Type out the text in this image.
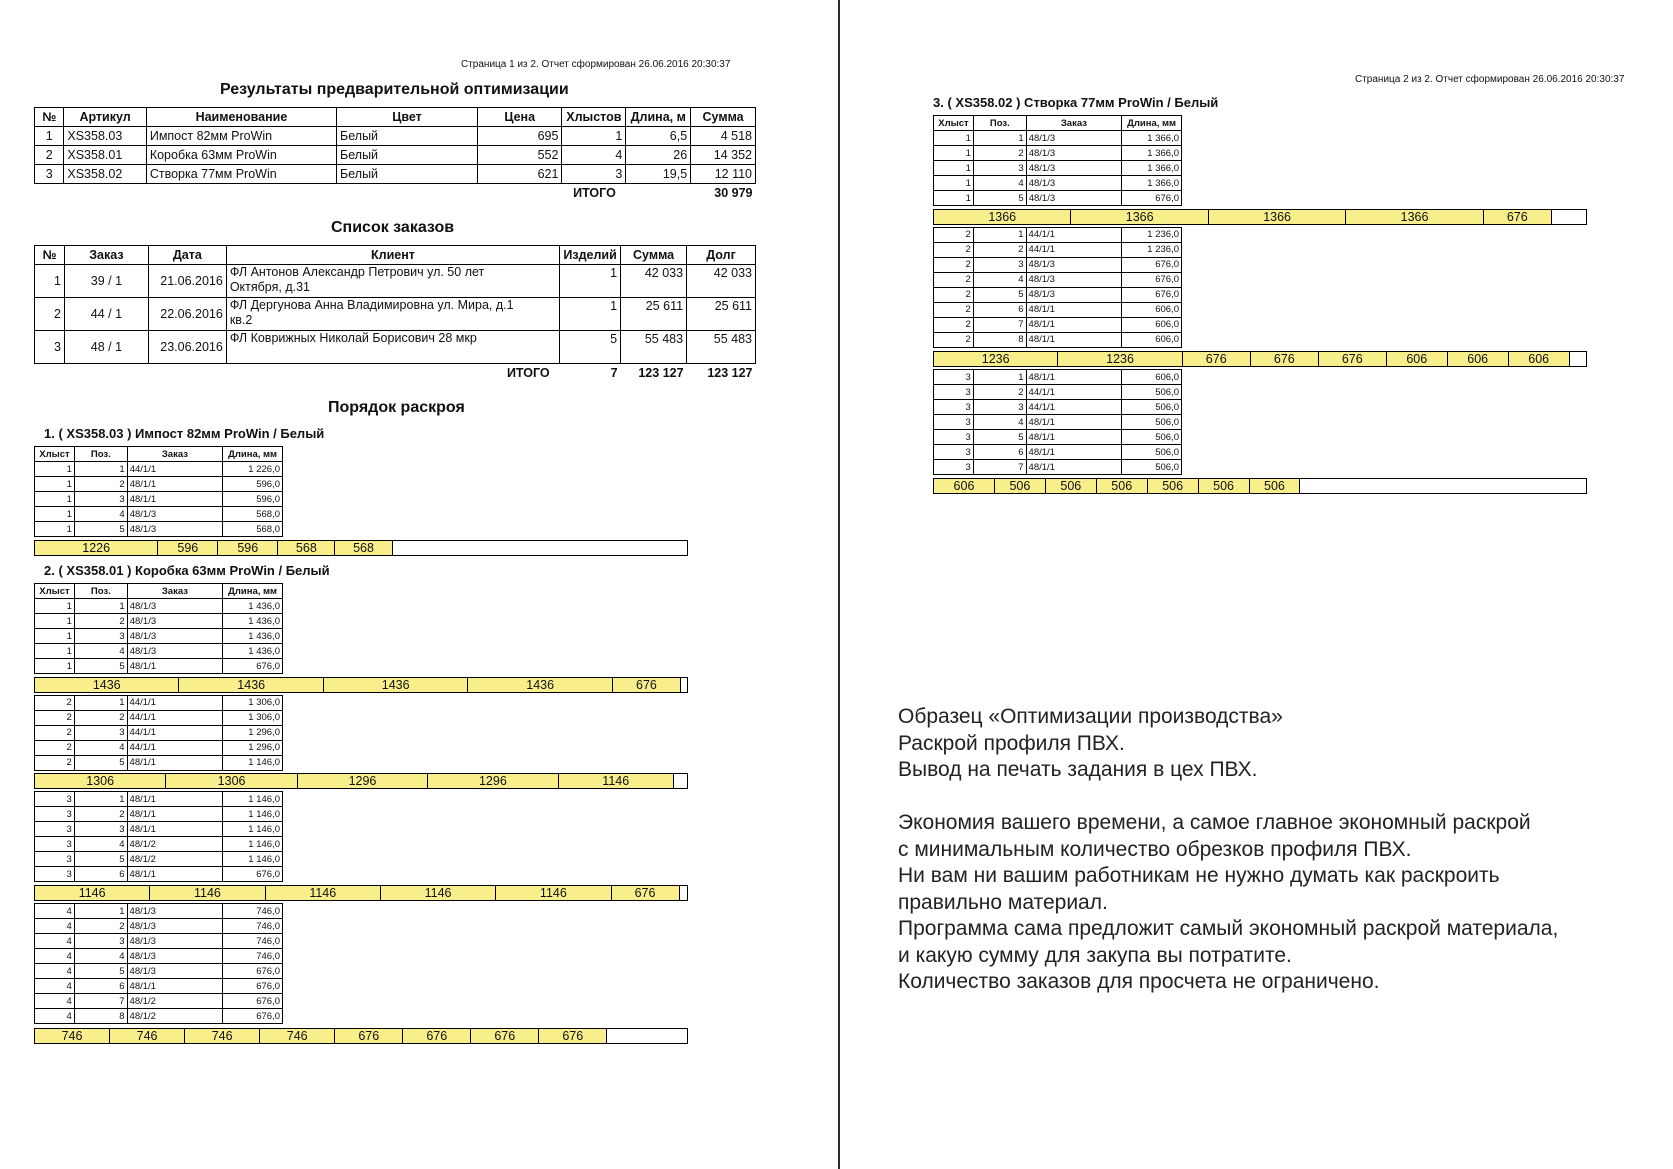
Страница 1 из 2. Отчет сформирован 26.06.2016 20:30:37
Результаты предварительной оптимизации
№	Артикул	Наименование	Цвет	Цена	Хлыстов	Длина, м	Сумма
1	XS358.03	Импост 82мм ProWin	Белый	695	1	6,5	4 518
2	XS358.01	Коробка 63мм ProWin	Белый	552	4	26	14 352
3	XS358.02	Створка 77мм ProWin	Белый	621	3	19,5	12 110
ИТОГО							30 979
Список заказов
№	Заказ	Дата	Клиент	Изделий	Сумма	Долг
1	39 / 1	21.06.2016	ФЛ Антонов Александр Петрович ул. 50 лет
Октября, д.31	1	42 033	42 033
2	44 / 1	22.06.2016	ФЛ Дергунова Анна Владимировна ул. Мира, д.1
кв.2	1	25 611	25 611
3	48 / 1	23.06.2016	ФЛ Коврижных Николай Борисович 28 мкр	5	55 483	55 483
ИТОГО				7	123 127	123 127
Порядок раскроя
1. ( XS358.03 ) Импост 82мм ProWin / Белый
Хлыст	Поз.	Заказ	Длина, мм
1	1	44/1/1	1 226,0
1	2	48/1/1	596,0
1	3	48/1/1	596,0
1	4	48/1/3	568,0
1	5	48/1/3	568,0
1226	596	596	568	568
2. ( XS358.01 ) Коробка 63мм ProWin / Белый
Хлыст	Поз.	Заказ	Длина, мм
1	1	48/1/3	1 436,0
1	2	48/1/3	1 436,0
1	3	48/1/3	1 436,0
1	4	48/1/3	1 436,0
1	5	48/1/1	676,0
1436	1436	1436	1436	676
2	1	44/1/1	1 306,0
2	2	44/1/1	1 306,0
2	3	44/1/1	1 296,0
2	4	44/1/1	1 296,0
2	5	48/1/1	1 146,0
1306	1306	1296	1296	1146
3	1	48/1/1	1 146,0
3	2	48/1/1	1 146,0
3	3	48/1/1	1 146,0
3	4	48/1/2	1 146,0
3	5	48/1/2	1 146,0
3	6	48/1/1	676,0
1146	1146	1146	1146	1146	676
4	1	48/1/3	746,0
4	2	48/1/3	746,0
4	3	48/1/3	746,0
4	4	48/1/3	746,0
4	5	48/1/3	676,0
4	6	48/1/1	676,0
4	7	48/1/2	676,0
4	8	48/1/2	676,0
746	746	746	746	676	676	676	676
Страница 2 из 2. Отчет сформирован 26.06.2016 20:30:37
3. ( XS358.02 ) Створка 77мм ProWin / Белый
Хлыст	Поз.	Заказ	Длина, мм
1	1	48/1/3	1 366,0
1	2	48/1/3	1 366,0
1	3	48/1/3	1 366,0
1	4	48/1/3	1 366,0
1	5	48/1/3	676,0
1366	1366	1366	1366	676
2	1	44/1/1	1 236,0
2	2	44/1/1	1 236,0
2	3	48/1/3	676,0
2	4	48/1/3	676,0
2	5	48/1/3	676,0
2	6	48/1/1	606,0
2	7	48/1/1	606,0
2	8	48/1/1	606,0
1236	1236	676	676	676	606	606	606
3	1	48/1/1	606,0
3	2	44/1/1	506,0
3	3	44/1/1	506,0
3	4	48/1/1	506,0
3	5	48/1/1	506,0
3	6	48/1/1	506,0
3	7	48/1/1	506,0
606	506	506	506	506	506	506
Образец «Оптимизации производства»
Раскрой профиля ПВХ.
Вывод на печать задания в цех ПВХ.
Экономия вашего времени, а самое главное экономный раскрой
с минимальным количество обрезков профиля ПВХ.
Ни вам ни вашим работникам не нужно думать как раскроить
правильно материал.
Программа сама предложит самый экономный раскрой материала,
и какую сумму для закупа вы потратите.
Количество заказов для просчета не ограничено.
